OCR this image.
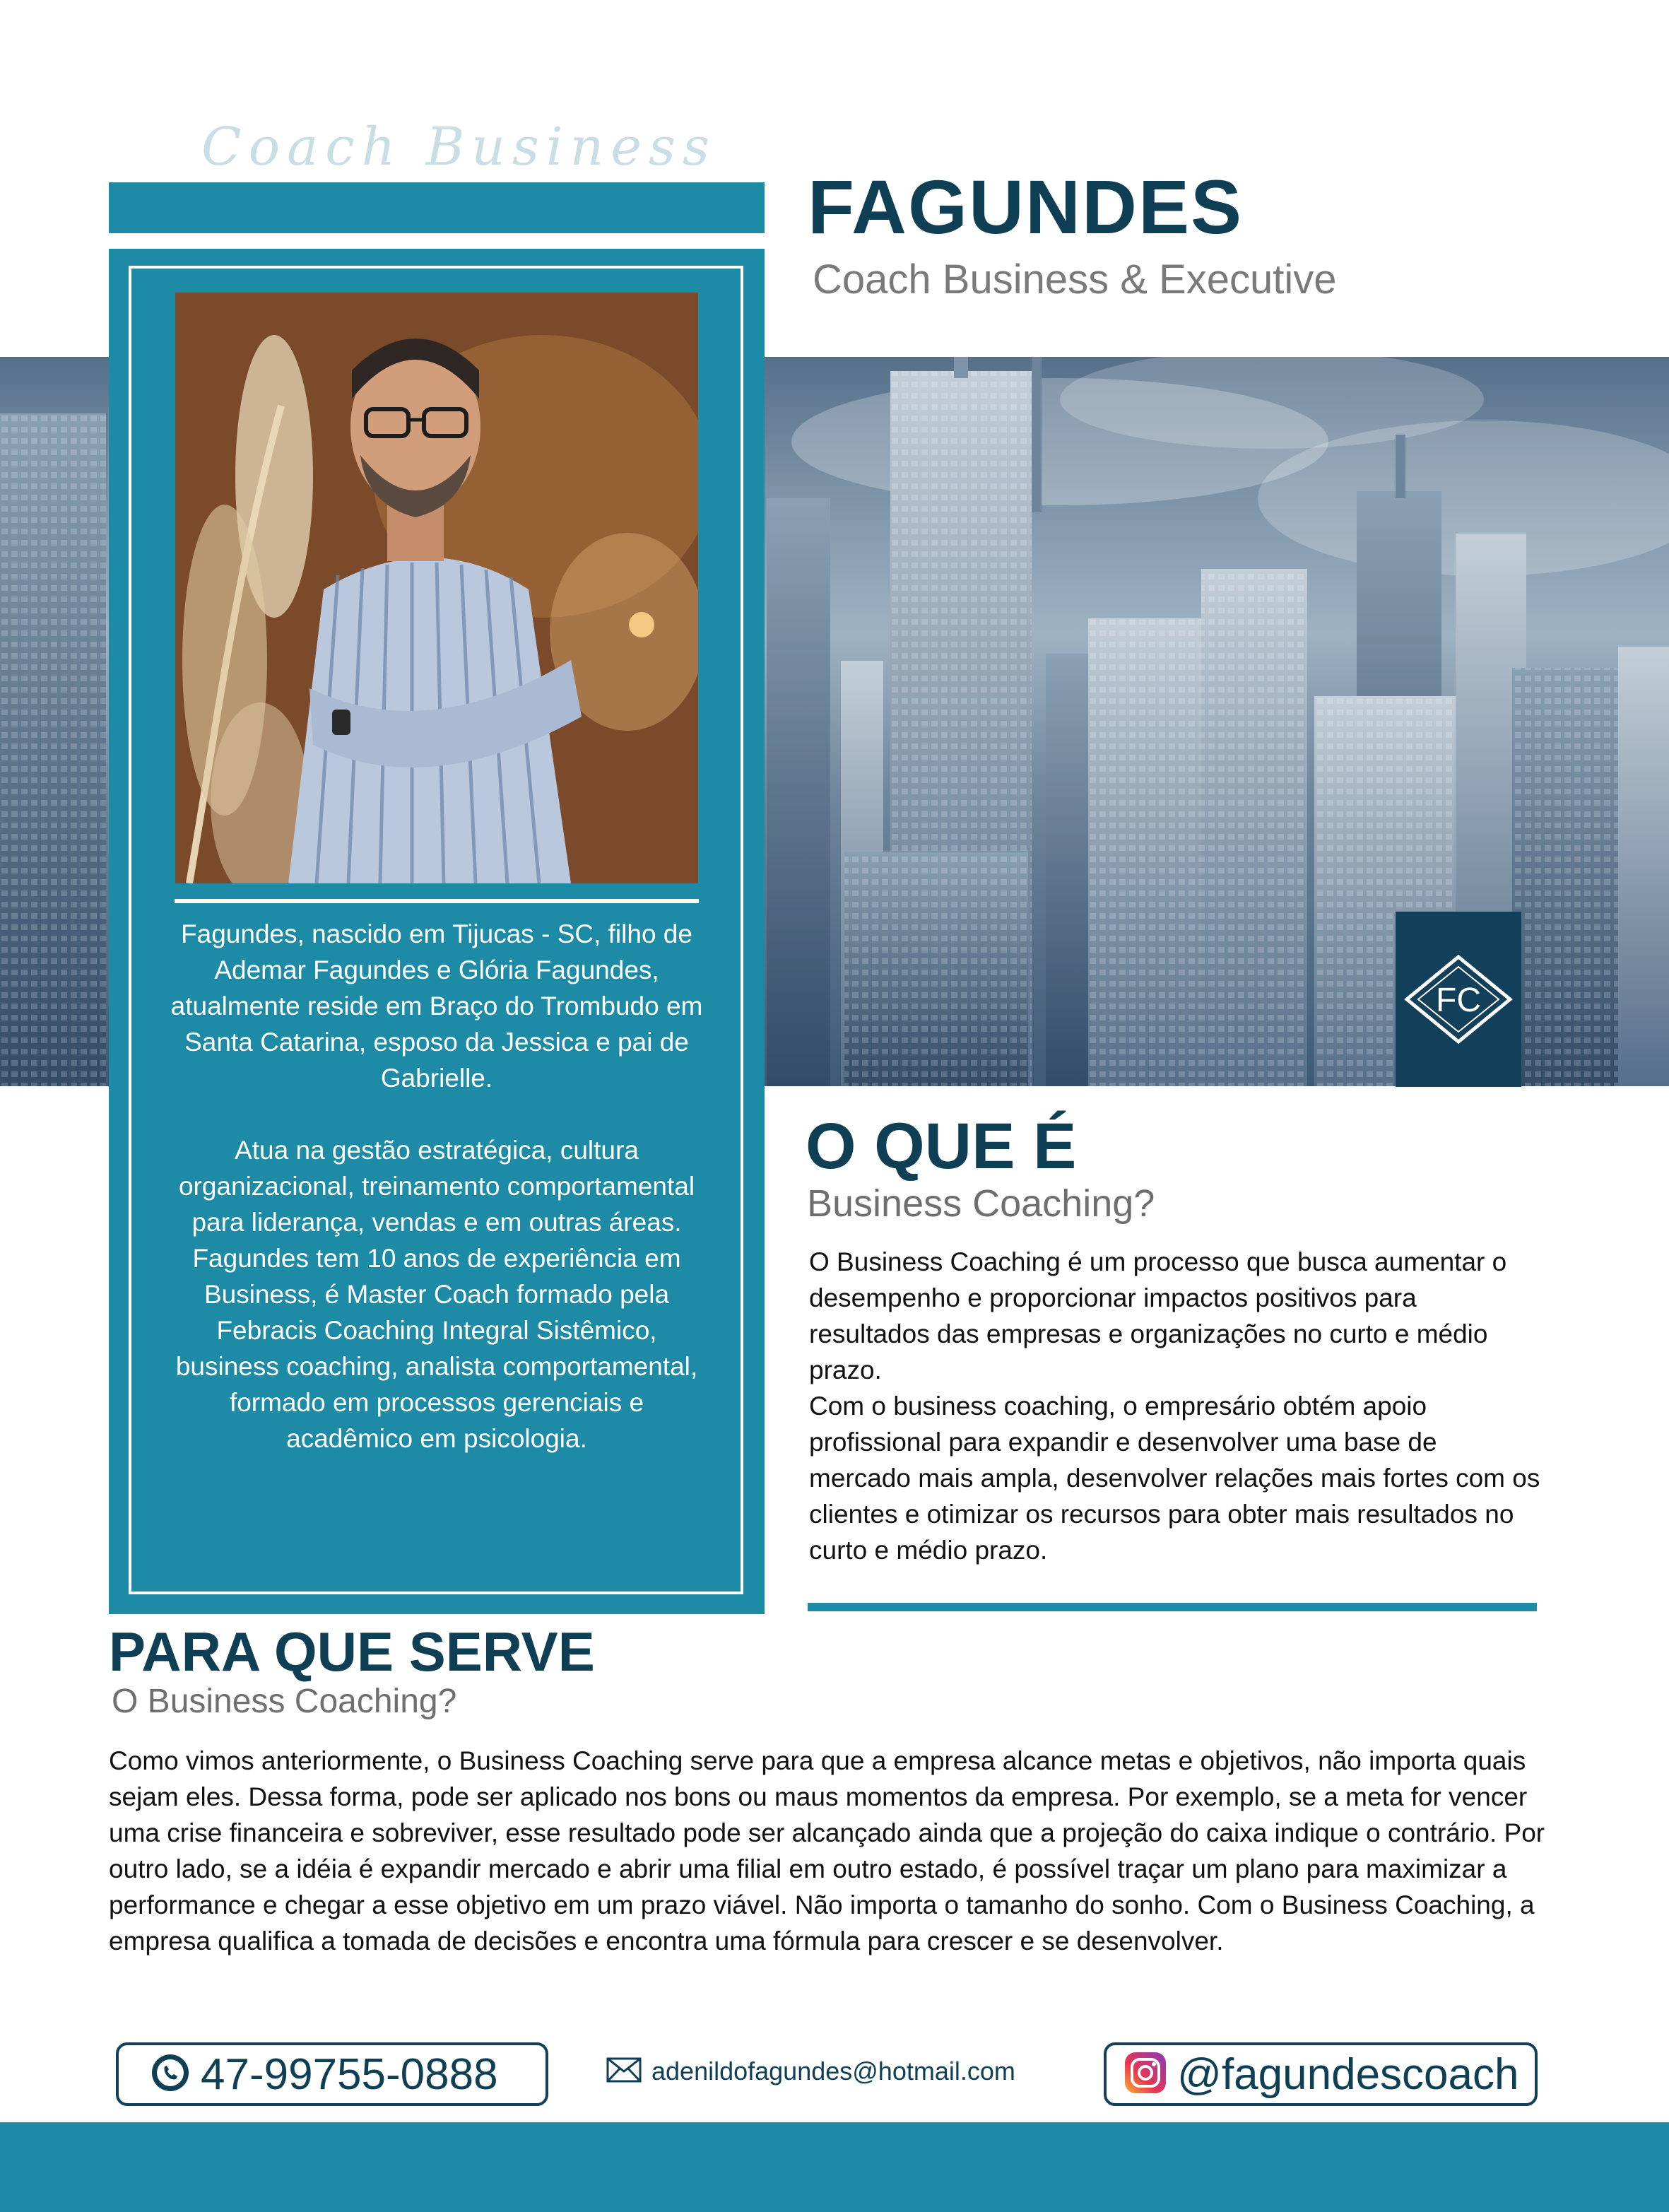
Coach Business
FAGUNDES
Coach Business & Executive
FC

Fagundes, nascido em Tijucas - SC, filho de Ademar Fagundes e Glória Fagundes, atualmente reside em Braço do Trombudo em Santa Catarina, esposo da Jessica e pai de Gabrielle.

Atua na gestão estratégica, cultura organizacional, treinamento comportamental para liderança, vendas e em outras áreas. Fagundes tem 10 anos de experiência em Business, é Master Coach formado pela Febracis Coaching Integral Sistêmico, business coaching, analista comportamental, formado em processos gerenciais e acadêmico em psicologia.

O QUE É
Business Coaching?

O Business Coaching é um processo que busca aumentar o desempenho e proporcionar impactos positivos para resultados das empresas e organizações no curto e médio prazo.

Com o business coaching, o empresário obtém apoio profissional para expandir e desenvolver uma base de mercado mais ampla, desenvolver relações mais fortes com os clientes e otimizar os recursos para obter mais resultados no curto e médio prazo.

PARA QUE SERVE
O Business Coaching?
Como vimos anteriormente, o Business Coaching serve para que a empresa alcance metas e objetivos, não importa quais sejam eles. Dessa forma, pode ser aplicado nos bons ou maus momentos da empresa. Por exemplo, se a meta for vencer uma crise financeira e sobreviver, esse resultado pode ser alcançado ainda que a projeção do caixa indique o contrário. Por outro lado, se a idéia é expandir mercado e abrir uma filial em outro estado, é possível traçar um plano para maximizar a performance e chegar a esse objetivo em um prazo viável. Não importa o tamanho do sonho. Com o Business Coaching, a empresa qualifica a tomada de decisões e encontra uma fórmula para crescer e se desenvolver.
47-99755-0888	adenildofagundes@hotmail.com	@fagundescoach
